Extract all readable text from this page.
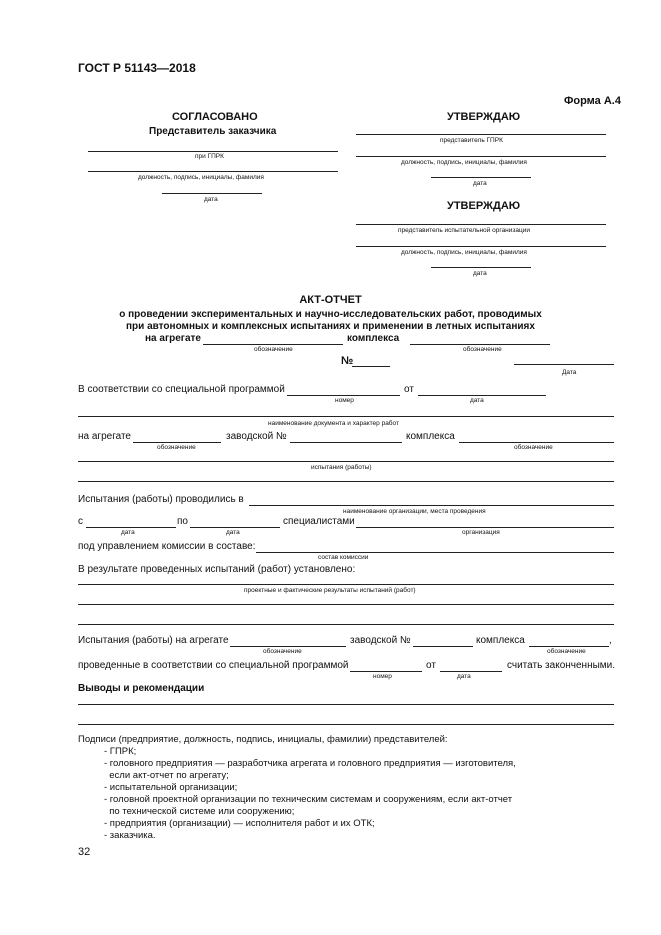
ГОСТ Р 51143—2018
Форма А.4
СОГЛАСОВАНО
Представитель заказчика
при ГПРК
должность, подпись, инициалы, фамилия
дата
УТВЕРЖДАЮ
представитель ГПРК
должность, подпись, инициалы, фамилия
дата
УТВЕРЖДАЮ
представитель испытательной организации
должность, подпись, инициалы, фамилия
дата
АКТ-ОТЧЕТ
о проведении экспериментальных и научно-исследовательских работ, проводимых
при автономных и комплексных испытаниях и применении в летных испытаниях
на агрегате	комплекса
обозначение	обозначение
№
Дата
В соответствии со специальной программой	от
номер	дата
наименование документа и характер работ
на агрегате	заводской №	комплекса
обозначение	обозначение
испытания (работы)
Испытания (работы) проводились в
наименование организации, места проведения
с	по	специалистами
дата	дата	организация
под управлением комиссии в составе:
состав комиссии
В результате проведенных испытаний (работ) установлено:
проектные и фактические результаты испытаний (работ)
Испытания (работы) на агрегате	заводской №	комплекса	,
обозначение	обозначение
проведенные в соответствии со специальной программой	от	считать законченными.
номер	дата
Выводы и рекомендации
Подписи (предприятие, должность, подпись, инициалы, фамилии) представителей:
- ГПРК;
- головного предприятия — разработчика агрегата и головного предприятия — изготовителя,
если акт-отчет по агрегату;
- испытательной организации;
- головной проектной организации по техническим системам и сооружениям, если акт-отчет
по технической системе или сооружению;
- предприятия (организации) — исполнителя работ и их ОТК;
- заказчика.
32
